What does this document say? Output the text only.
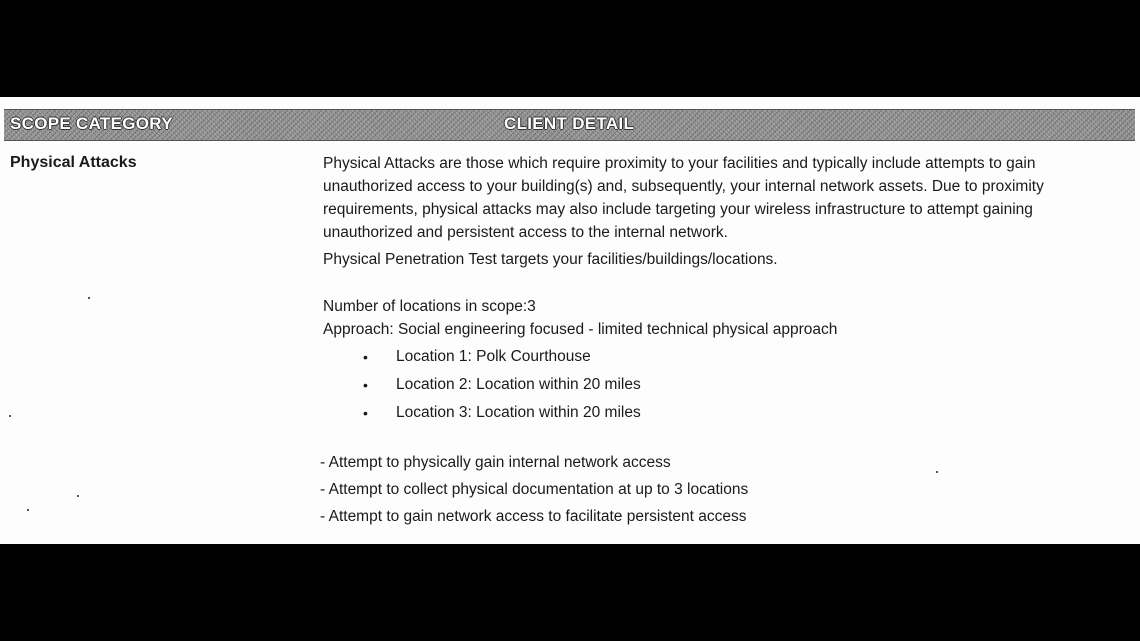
SCOPE CATEGORY	CLIENT DETAIL
Physical Attacks	Physical Attacks are those which require proximity to your facilities and typically include attempts to gain unauthorized access to your building(s) and, subsequently, your internal network assets. Due to proximity requirements, physical attacks may also include targeting your wireless infrastructure to attempt gaining unauthorized and persistent access to the internal network.

Physical Penetration Test targets your facilities/buildings/locations.

Number of locations in scope:3

Approach: Social engineering focused - limited technical physical approach

• Location 1: Polk Courthouse
• Location 2: Location within 20 miles
• Location 3: Location within 20 miles

- Attempt to physically gain internal network access

- Attempt to collect physical documentation at up to 3 locations

- Attempt to gain network access to facilitate persistent access
